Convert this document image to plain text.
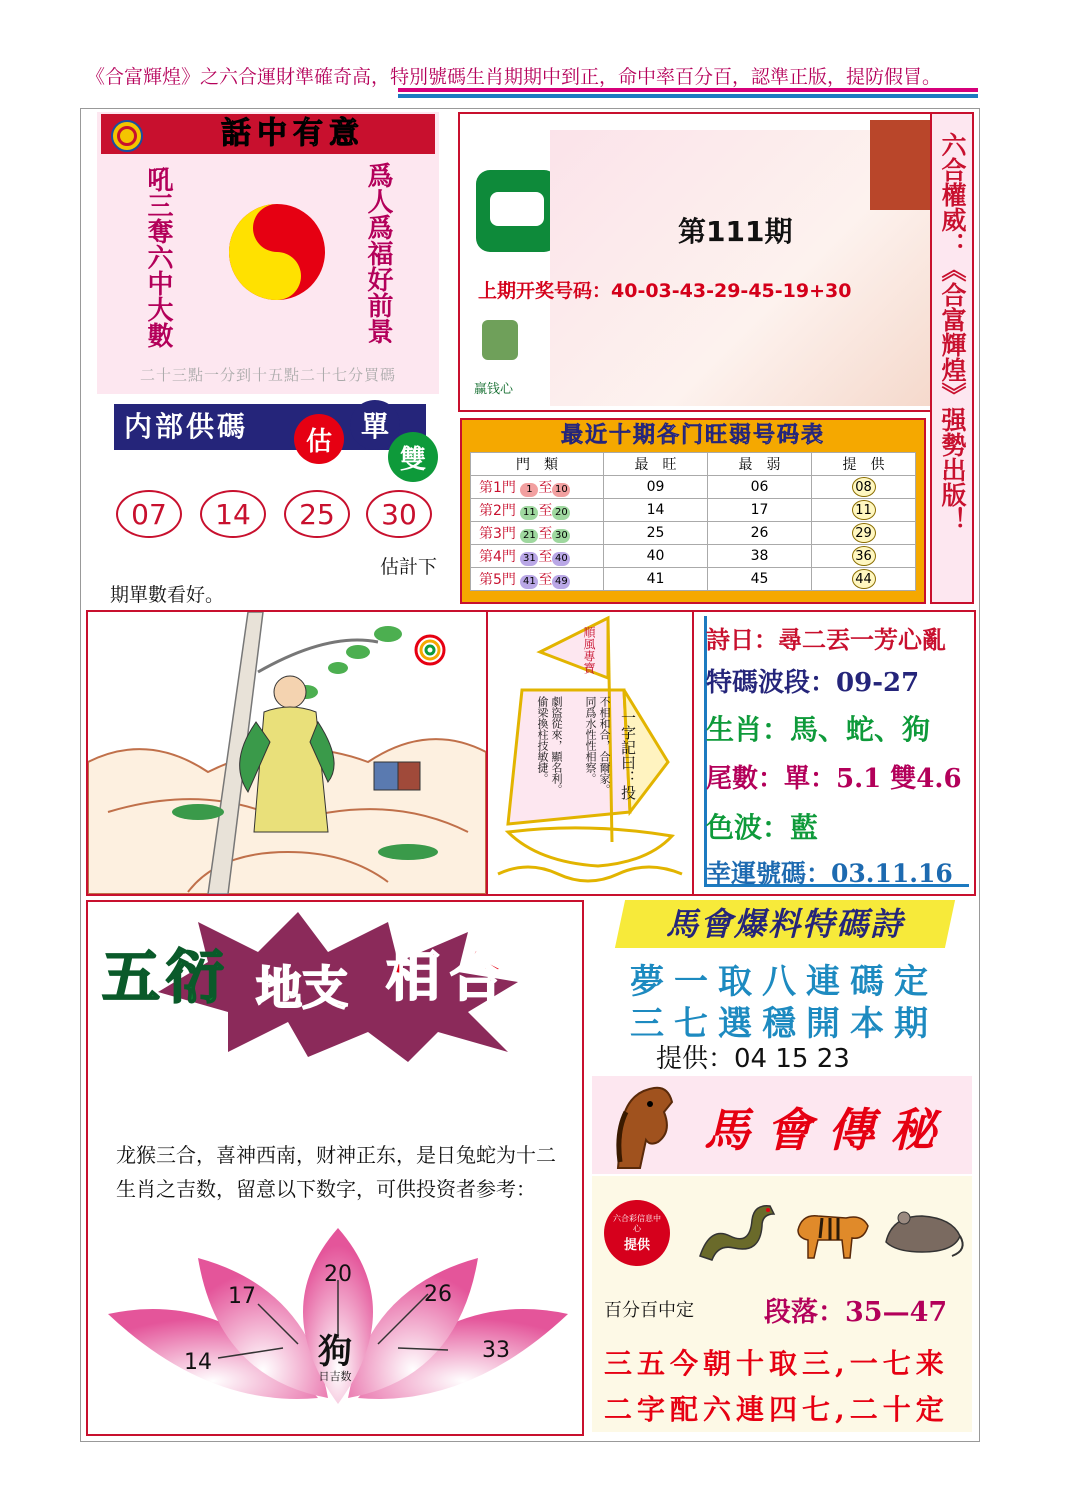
《合富輝煌》之六合運財準確奇高，特別號碼生肖期期中到正，命中率百分百，認準正版，提防假冒。
話中有意
吼三奪六中大數	爲人爲福好前景
二十三點一分到十五點二十七分買碼
第111期
上期开奖号码：40-03-43-29-45-19+30
赢钱心	六合權威：《合富輝煌》强勢出版！
内部供碼	估	單
雙
07	14	25	30
估計下
期單數看好。
最近十期各门旺弱号码表
門　類	最　旺	最　弱	提　供
第1門 1 至 10	09	06	08
第2門 11 至 20	14	17	11
第3門 21 至 30	25	26	29
第4門 31 至 40	40	38	36
第5門 41 至 49	41	45	44
順風專寶
一字記曰：投
不相和合，合爾家。
同爲水性性相察。
劇盜從來，顯名利。
偷梁換柱技敏捷。
詩日：尋二丟一芳心亂
特碼波段：09-27
生肖：馬、蛇、狗
尾數：單：5.1 雙4.6
色波：藍
幸運號碼：03.11.16
五衍 地支 相合
龙猴三合，喜神西南，财神正东，是日兔蛇为十二生肖之吉数，留意以下数字，可供投资者参考：
狗
日吉数
20
17	26
14	33
馬會爆料特碼詩
夢一取八連碼定
三七選穩開本期
提供：04 15 23
馬會傳秘
六合彩信息中心
提供
百分百中定	段落：35—47
三五今朝十取三,一七来
二字配六連四七,二十定
